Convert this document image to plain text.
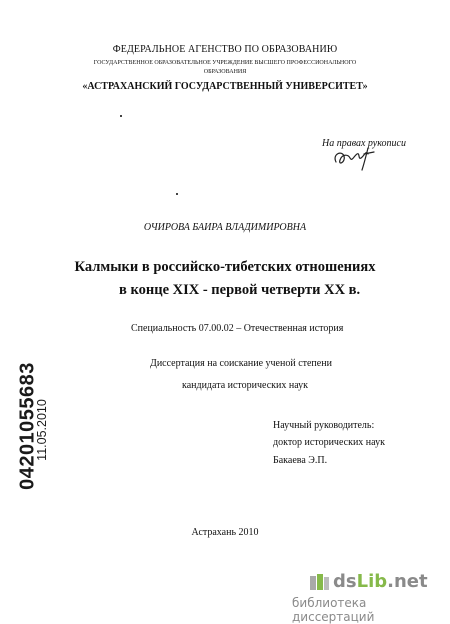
ФЕДЕРАЛЬНОЕ АГЕНСТВО ПО ОБРАЗОВАНИЮ
ГОСУДАРСТВЕННОЕ ОБРАЗОВАТЕЛЬНОЕ УЧРЕЖДЕНИЕ ВЫСШЕГО ПРОФЕССИОНАЛЬНОГО
ОБРАЗОВАНИЯ
«АСТРАХАНСКИЙ ГОСУДАРСТВЕННЫЙ УНИВЕРСИТЕТ»
На правах рукописи
ОЧИРОВА БАИРА ВЛАДИМИРОВНА
Калмыки в российско-тибетских отношениях
в конце XIX - первой четверти XX в.
Специальность 07.00.02 – Отечественная история
Диссертация на соискание ученой степени
кандидата исторических наук
Научный руководитель:
доктор исторических наук
Бакаева Э.П.
Астрахань 2010
04201055683
11.05.2010
dsLib.net
библиотека диссертаций
